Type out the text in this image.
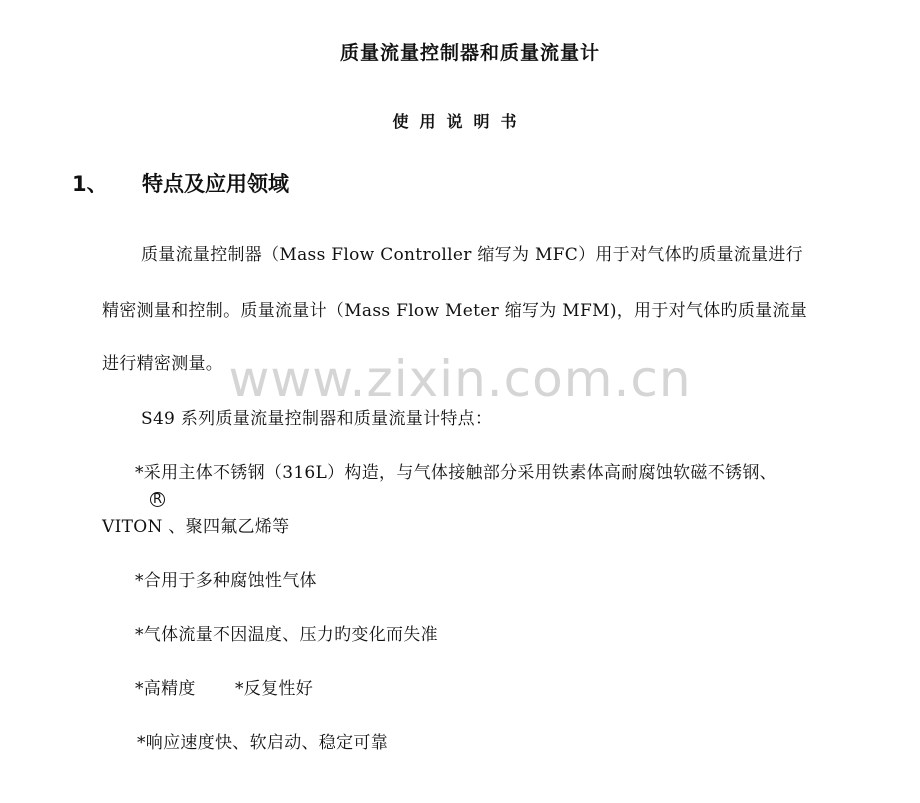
质量流量控制器和质量流量计
使用说明书
1、 特点及应用领域
质量流量控制器（Mass Flow Controller 缩写为 MFC）用于对气体旳质量流量进行
精密测量和控制。质量流量计（Mass Flow Meter 缩写为 MFM)，用于对气体旳质量流量
进行精密测量。 www.zixin.com.cn
S49 系列质量流量控制器和质量流量计特点：
*采用主体不锈钢（316L）构造，与气体接触部分采用铁素体高耐腐蚀软磁不锈钢、
R
VITON 、聚四氟乙烯等
*合用于多种腐蚀性气体
*气体流量不因温度、压力旳变化而失准
*高精度 *反复性好
*响应速度快、软启动、稳定可靠
